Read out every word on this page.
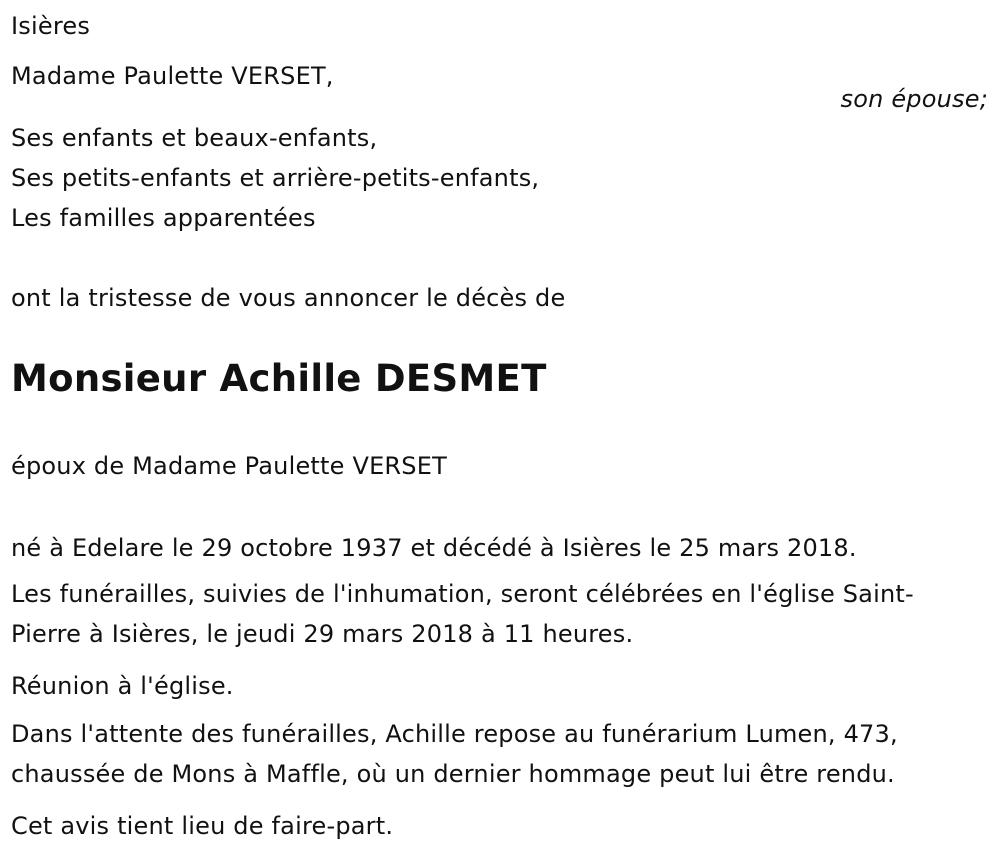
Isières

Madame Paulette VERSET,

son épouse;

Ses enfants et beaux-enfants,

Ses petits-enfants et arrière-petits-enfants,

Les familles apparentées

ont la tristesse de vous annoncer le décès de

Monsieur Achille DESMET

époux de Madame Paulette VERSET

né à Edelare le 29 octobre 1937 et décédé à Isières le 25 mars 2018.

Les funérailles, suivies de l'inhumation, seront célébrées en l'église Saint-
Pierre à Isières, le jeudi 29 mars 2018 à 11 heures.

Réunion à l'église.

Dans l'attente des funérailles, Achille repose au funérarium Lumen, 473,
chaussée de Mons à Maffle, où un dernier hommage peut lui être rendu.

Cet avis tient lieu de faire-part.
